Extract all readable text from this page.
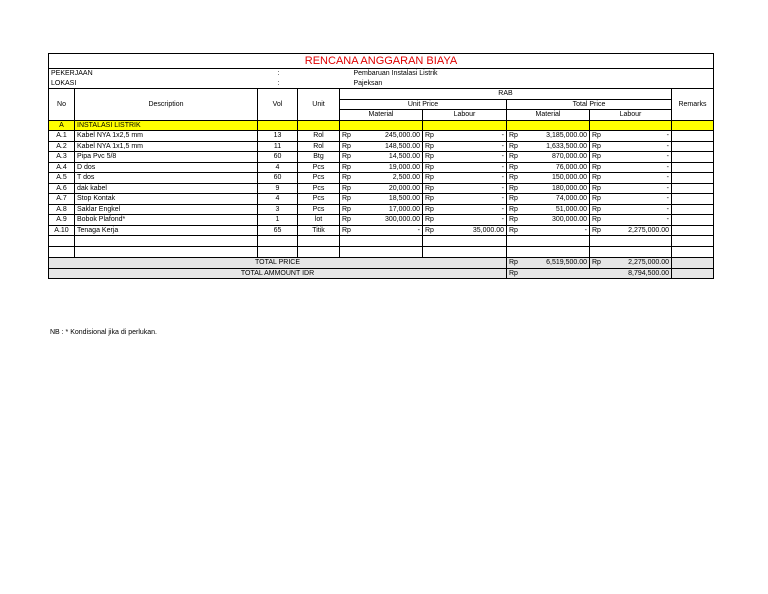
RENCANA ANGGARAN BIAYA												
PEKERJAAN		:			Pembaruan Instalasi Listrik							
LOKASI		:			Pajeksan							
No	Description	Vol	Unit	RAB								Remarks
				Unit Price				Total Price				
				Material		Labour		Material		Labour		
A	INSTALASI LISTRIK											
A.1	Kabel NYA 1x2,5 mm	13	Rol	Rp	245,000.00	Rp	-	Rp	3,185,000.00	Rp	-	
A.2	Kabel NYA 1x1,5 mm	11	Rol	Rp	148,500.00	Rp	-	Rp	1,633,500.00	Rp	-	
A.3	Pipa Pvc 5/8	60	Btg	Rp	14,500.00	Rp	-	Rp	870,000.00	Rp	-	
A.4	D dos	4	Pcs	Rp	19,000.00	Rp	-	Rp	76,000.00	Rp	-	
A.5	T dos	60	Pcs	Rp	2,500.00	Rp	-	Rp	150,000.00	Rp	-	
A.6	dak kabel	9	Pcs	Rp	20,000.00	Rp	-	Rp	180,000.00	Rp	-	
A.7	Stop Kontak	4	Pcs	Rp	18,500.00	Rp	-	Rp	74,000.00	Rp	-	
A.8	Saklar Engkel	3	Pcs	Rp	17,000.00	Rp	-	Rp	51,000.00	Rp	-	
A.9	Bobok Plafond*	1	lot	Rp	300,000.00	Rp	-	Rp	300,000.00	Rp	-	
A.10	Tenaga Kerja	65	Titik	Rp	-	Rp	35,000.00	Rp	-	Rp	2,275,000.00	

TOTAL PRICE								Rp	6,519,500.00	Rp	2,275,000.00	
TOTAL AMMOUNT IDR								Rp	8,794,500.00			
NB : * Kondisional jika di perlukan.
